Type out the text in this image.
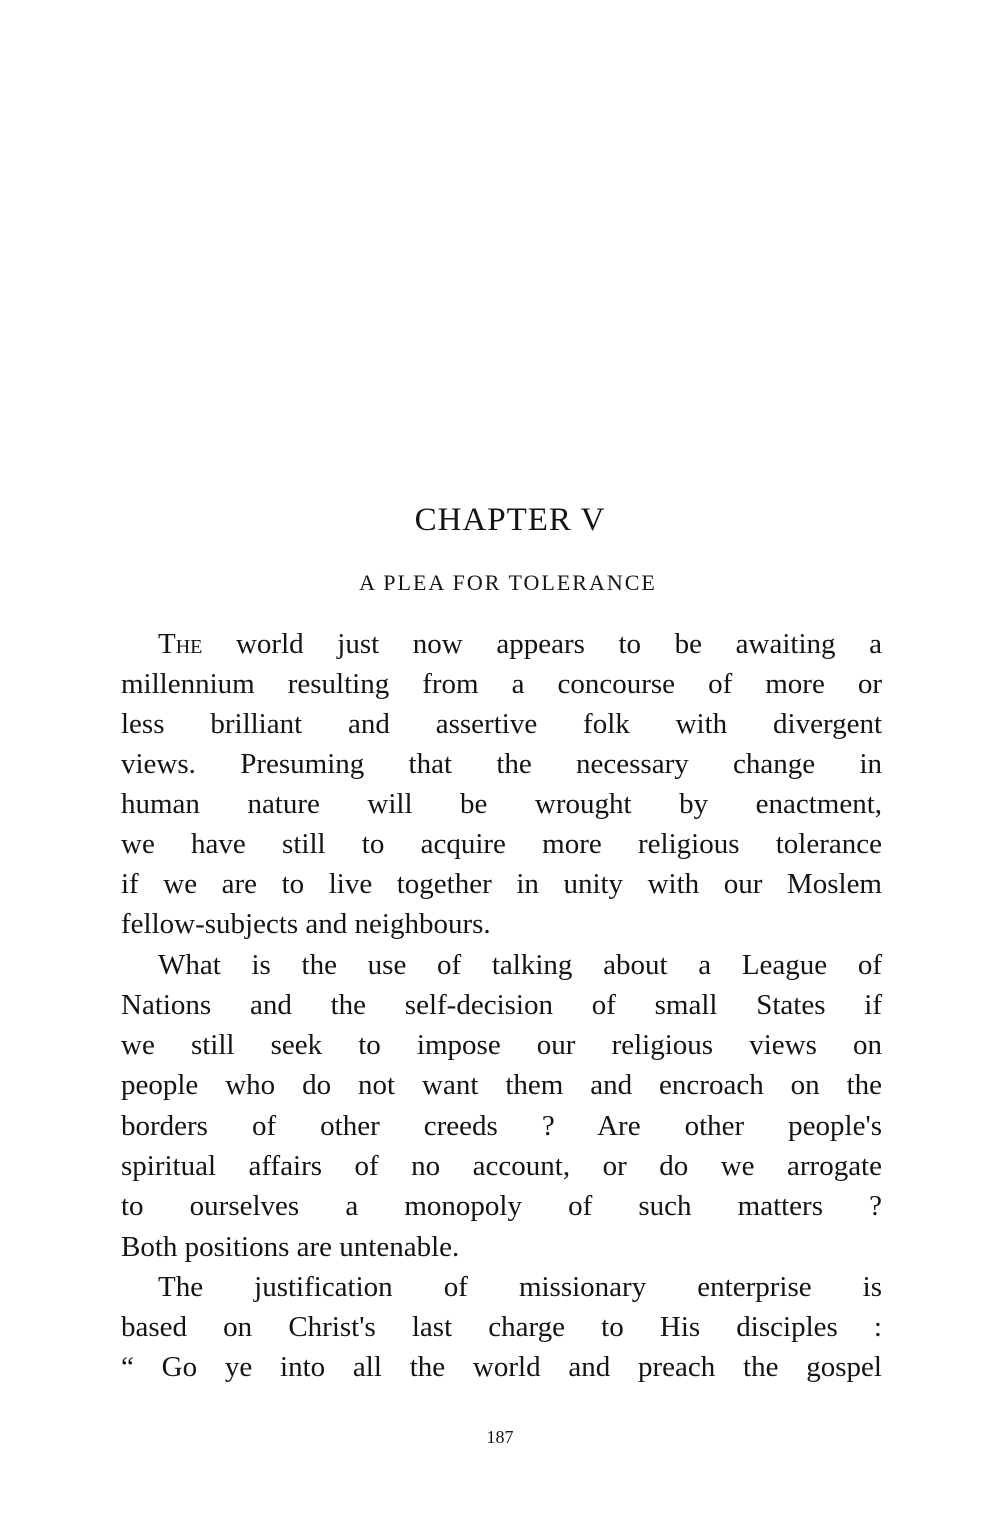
CHAPTER V
A PLEA FOR TOLERANCE
The world just now appears to be awaiting a
millennium resulting from a concourse of more or
less brilliant and assertive folk with divergent
views. Presuming that the necessary change in
human nature will be wrought by enactment,
we have still to acquire more religious tolerance
if we are to live together in unity with our Moslem
fellow-subjects and neighbours.
What is the use of talking about a League of
Nations and the self-decision of small States if
we still seek to impose our religious views on
people who do not want them and encroach on the
borders of other creeds ? Are other people's
spiritual affairs of no account, or do we arrogate
to ourselves a monopoly of such matters ?
Both positions are untenable.
The justification of missionary enterprise is
based on Christ's last charge to His disciples :
“ Go ye into all the world and preach the gospel
187
